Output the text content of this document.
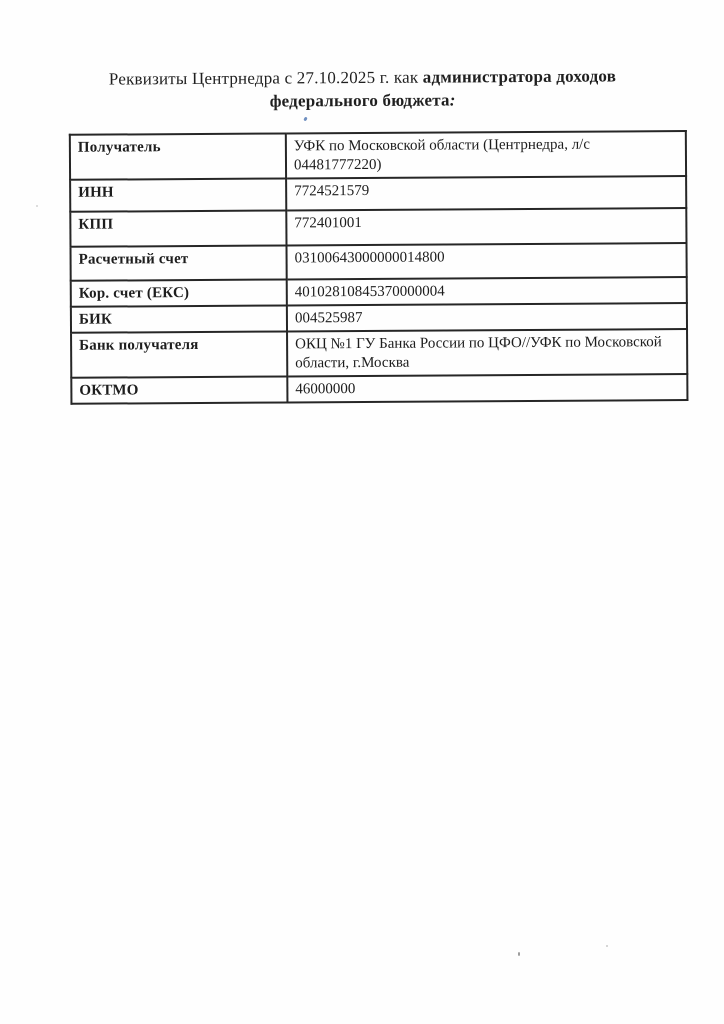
Реквизиты Центрнедра с 27.10.2025 г. как администратора доходов
федерального бюджета:
Получатель	УФК по Московской области (Центрнедра, л/с 04481777220)
ИНН	7724521579
КПП	772401001
Расчетный счет	03100643000000014800
Кор. счет (ЕКС)	40102810845370000004
БИК	004525987
Банк получателя	ОКЦ №1 ГУ Банка России по ЦФО//УФК по Московской области, г.Москва
ОКТМО	46000000
